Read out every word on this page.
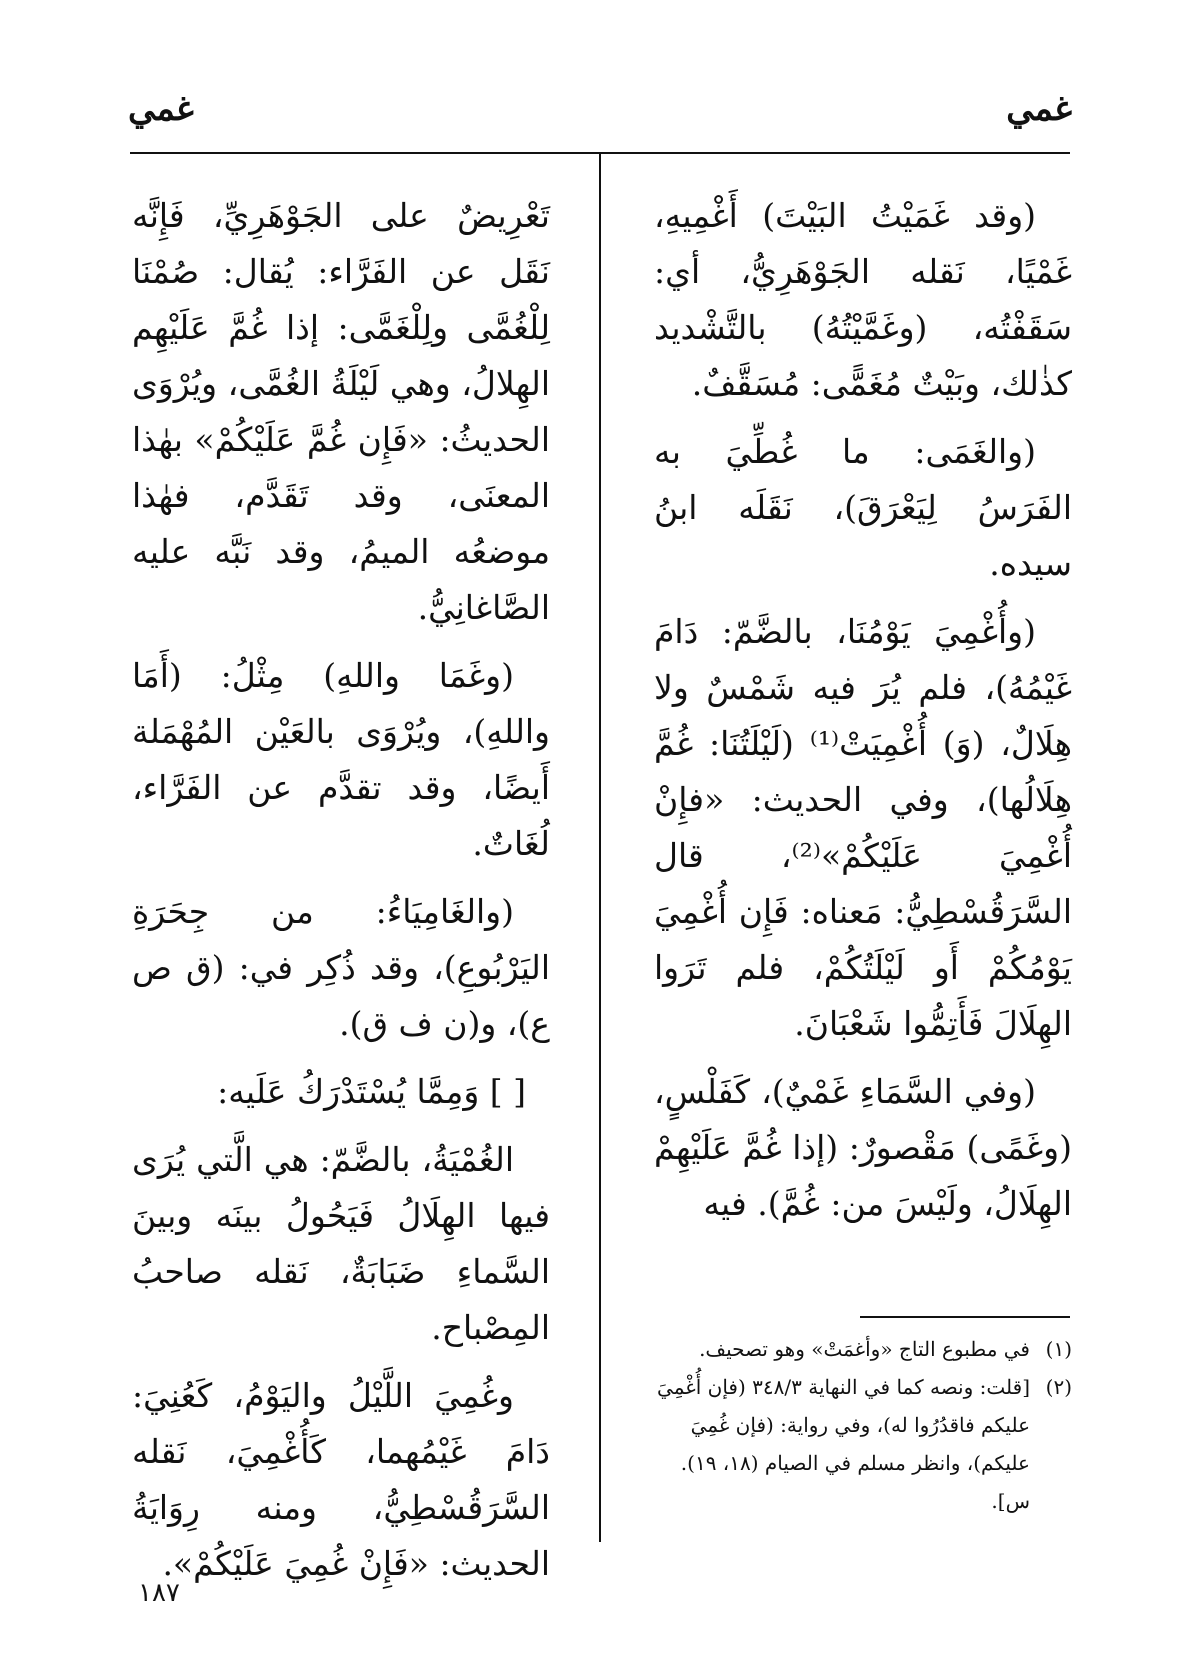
غمي
غمي

(وقد غَمَيْتُ البَيْتَ) أَغْمِيهِ، غَمْيًا، نَقله الجَوْهَرِيُّ، أي: سَقَفْتُه، (وغَمَّيْتُهُ) بالتَّشْديد كذٰلك، وبَيْتٌ مُغَمًّى: مُسَقَّفٌ.

(والغَمَى: ما غُطِّيَ به الفَرَسُ لِيَعْرَقَ)، نَقَلَه ابنُ سيده.

(وأُغْمِيَ يَوْمُنَا، بالضَّمّ: دَامَ غَيْمُهُ)، فلم يُرَ فيه شَمْسٌ ولا هِلَالٌ، (وَ) أُغْمِيَتْ⁽¹⁾ (لَيْلَتُنَا: غُمَّ هِلَالُها)، وفي الحديث: «فإِنْ أُغْمِيَ عَلَيْكُمْ»⁽²⁾، قال السَّرَقُسْطِيُّ: مَعناه: فَإِن أُغْمِيَ يَوْمُكُمْ أَو لَيْلَتُكُمْ، فلم تَرَوا الهِلَالَ فَأَتِمُّوا شَعْبَانَ.

(وفي السَّمَاءِ غَمْيٌ)، كَفَلْسٍ، (وغَمًى) مَقْصورٌ: (إذا غُمَّ عَلَيْهِمْ الهِلَالُ، ولَيْسَ من: غُمَّ). فيه

تَعْرِيضٌ على الجَوْهَرِيِّ، فَإِنَّه نَقَل عن الفَرَّاء: يُقال: صُمْنَا لِلْغُمَّى ولِلْغَمَّى: إذا غُمَّ عَلَيْهِم الهِلالُ، وهي لَيْلَةُ الغُمَّى، ويُرْوَى الحديثُ: «فَإِن غُمَّ عَلَيْكُمْ» بهٰذا المعنَى، وقد تَقَدَّم، فهٰذا موضعُه الميمُ، وقد نَبَّه عليه الصَّاغانِيُّ.

(وغَمَا واللهِ) مِثْلُ: (أَمَا واللهِ)، ويُرْوَى بالعَيْن المُهْمَلة أَيضًا، وقد تقدَّم عن الفَرَّاء، لُغَاتٌ.

(والغَامِيَاءُ: من جِحَرَةِ اليَرْبُوعِ)، وقد ذُكِر في: (ق ص ع)، و(ن ف ق).

[ ] وَمِمَّا يُسْتَدْرَكُ عَلَيه:

الغُمْيَةُ، بالضَّمّ: هي الَّتي يُرَى فيها الهِلَالُ فَيَحُولُ بينَه وبينَ السَّماءِ ضَبَابَةٌ، نَقله صاحبُ المِصْباح.

وغُمِيَ اللَّيْلُ واليَوْمُ، كَعُنِيَ: دَامَ غَيْمُهما، كَأُغْمِيَ، نَقله السَّرَقُسْطِيُّ، ومنه رِوَايَةُ الحديث: «فَإِنْ غُمِيَ عَلَيْكُمْ».

(١)
في مطبوع التاج «وأغمَتْ» وهو تصحيف.
(٢)
[قلت: ونصه كما في النهاية ٣٤٨/٣ (فإن أُغْمِيَ عليكم فاقدُرُوا له)، وفي رواية: (فإن غُمِيَ عليكم)، وانظر مسلم في الصيام (١٨، ١٩). س].
١٨٧
